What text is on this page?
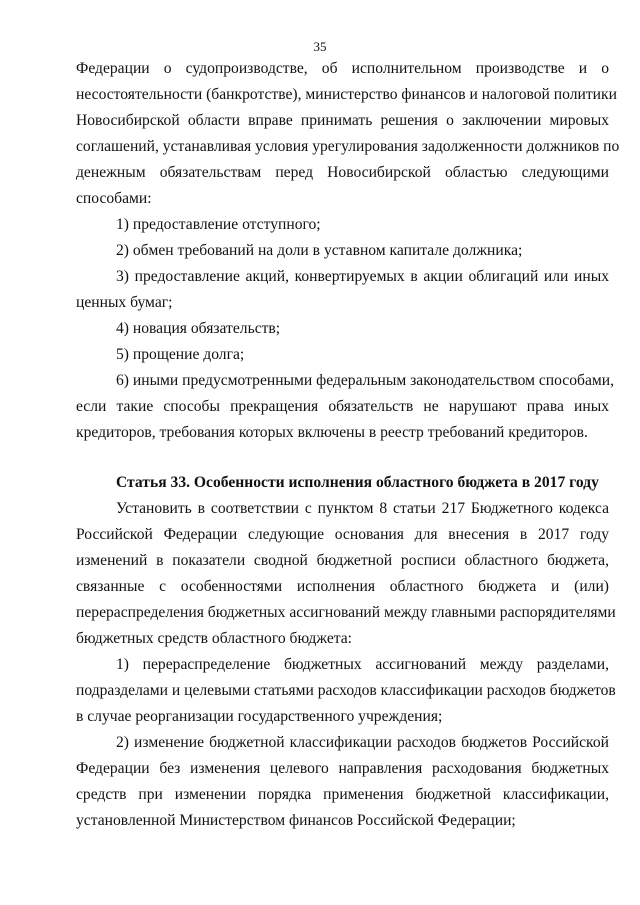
35
Федерации о судопроизводстве, об исполнительном производстве и о
несостоятельности (банкротстве), министерство финансов и налоговой политики
Новосибирской области вправе принимать решения о заключении мировых
соглашений, устанавливая условия урегулирования задолженности должников по
денежным обязательствам перед Новосибирской областью следующими
способами:
1) предоставление отступного;
2) обмен требований на доли в уставном капитале должника;
3) предоставление акций, конвертируемых в акции облигаций или иных
ценных бумаг;
4) новация обязательств;
5) прощение долга;
6) иными предусмотренными федеральным законодательством способами,
если такие способы прекращения обязательств не нарушают права иных
кредиторов, требования которых включены в реестр требований кредиторов.
Статья 33. Особенности исполнения областного бюджета в 2017 году
Установить в соответствии с пунктом 8 статьи 217 Бюджетного кодекса
Российской Федерации следующие основания для внесения в 2017 году
изменений в показатели сводной бюджетной росписи областного бюджета,
связанные с особенностями исполнения областного бюджета и (или)
перераспределения бюджетных ассигнований между главными распорядителями
бюджетных средств областного бюджета:
1) перераспределение бюджетных ассигнований между разделами,
подразделами и целевыми статьями расходов классификации расходов бюджетов
в случае реорганизации государственного учреждения;
2) изменение бюджетной классификации расходов бюджетов Российской
Федерации без изменения целевого направления расходования бюджетных
средств при изменении порядка применения бюджетной классификации,
установленной Министерством финансов Российской Федерации;
